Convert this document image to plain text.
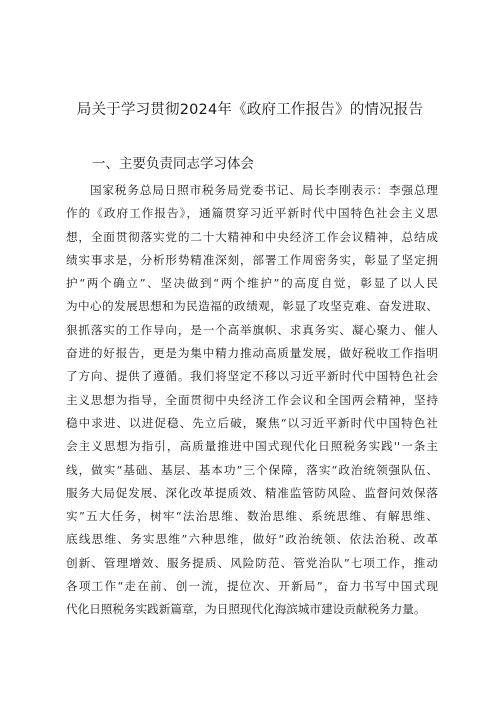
局关于学习贯彻2024年《政府工作报告》的情况报告
一、主要负责同志学习体会
国家税务总局日照市税务局党委书记、局长李刚表示：李强总理
作的《政府工作报告》，通篇贯穿习近平新时代中国特色社会主义思
想，全面贯彻落实党的二十大精神和中央经济工作会议精神，总结成
绩实事求是，分析形势精准深刻，部署工作周密务实，彰显了坚定拥
护“两个确立”、坚决做到“两个维护”的高度自觉，彰显了以人民
为中心的发展思想和为民造福的政绩观，彰显了攻坚克难、奋发进取、
狠抓落实的工作导向，是一个高举旗帜、求真务实、凝心聚力、催人
奋进的好报告，更是为集中精力推动高质量发展，做好税收工作指明
了方向、提供了遵循。我们将坚定不移以习近平新时代中国特色社会
主义思想为指导，全面贯彻中央经济工作会议和全国两会精神，坚持
稳中求进、以进促稳、先立后破，聚焦“以习近平新时代中国特色社
会主义思想为指引，高质量推进中国式现代化日照税务实践''一条主
线，做实“基础、基层、基本功”三个保障，落实“政治统领强队伍、
服务大局促发展、深化改革提质效、精准监管防风险、监督问效保落
实”五大任务，树牢“法治思维、数治思维、系统思维、有解思维、
底线思维、务实思维”六种思维，做好“政治统领、依法治税、改革
创新、管理增效、服务提质、风险防范、管党治队”七项工作，推动
各项工作“走在前、创一流，提位次、开新局”，奋力书写中国式现
代化日照税务实践新篇章，为日照现代化海滨城市建设贡献税务力量。
